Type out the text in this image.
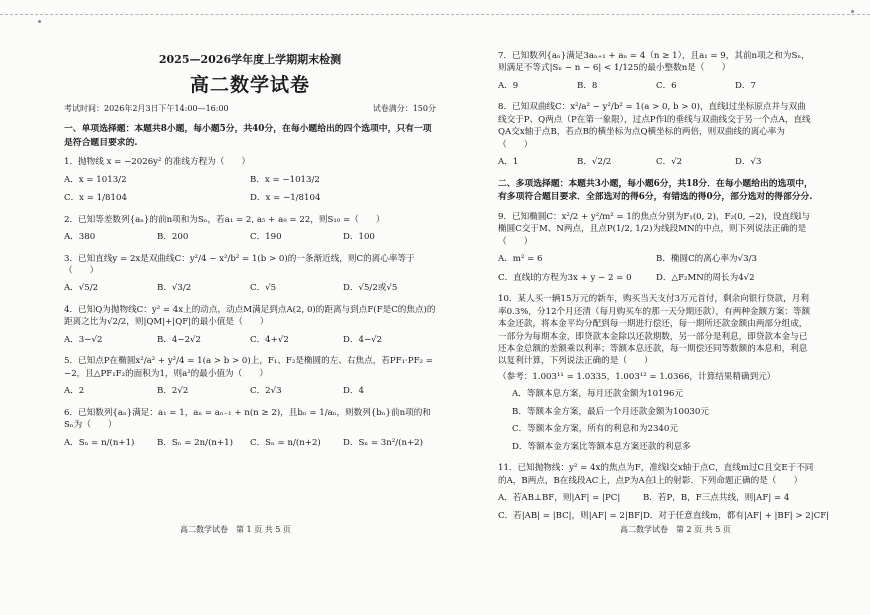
2025—2026学年度上学期期末检测
高二数学试卷
考试时间：2026年2月3日下午14:00—16:00	试卷满分：150分
一、单项选择题：本题共8小题，每小题5分，共40分，在每小题给出的四个选项中，只有一项是符合题目要求的.

1．抛物线 x = −2026y² 的准线方程为（　　）

A．x = 1013/2	B．x = −1013/2
C．x = 1/8104	D．x = −1/8104

2．已知等差数列{aₙ}的前n项和为Sₙ，若a₁ = 2, a₅ + a₉ = 22，则S₁₀ =（　　）

A．380	B．200	C．190	D．100

3．已知直线y = 2x是双曲线C：y²/4 − x²/b² = 1(b > 0)的一条渐近线，则C的离心率等于（　　）

A．√5/2	B．√3/2	C．√5	D．√5/2或√5

4．已知Q为抛物线C：y² = 4x上的动点，动点M满足到点A(2, 0)的距离与到点F(F是C的焦点)的距离之比为√2/2，则|QM|+|QF|的最小值是（　　）

A．3−√2	B．4−2√2	C．4+√2	D．4−√2

5．已知点P在椭圆x²/a² + y²/4 = 1(a > b > 0)上，F₁、F₂是椭圆的左、右焦点，若PF₁·PF₂ = −2，且△PF₁F₂的面积为1，则a²的最小值为（　　）

A．2	B．2√2	C．2√3	D．4

6．已知数列{aₙ}满足：a₁ = 1，aₙ = aₙ₋₁ + n(n ≥ 2)，且bₙ = 1/aₙ，则数列{bₙ}前n项的和Sₙ为（　　）

A．Sₙ = n/(n+1)	B．Sₙ = 2n/(n+1)	C．Sₙ = n/(n+2)	D．Sₙ = 3n²/(n+2)

7．已知数列{aₙ}满足3aₙ₊₁ + aₙ = 4（n ≥ 1），且a₁ = 9，其前n项之和为Sₙ，则满足不等式|Sₙ − n − 6| < 1/125的最小整数n是（　　）

A．9	B．8	C．6	D．7

8．已知双曲线C：x²/a² − y²/b² = 1(a > 0, b > 0)，直线l过坐标原点并与双曲线交于P、Q两点（P在第一象限），过点P作l的垂线与双曲线交于另一个点A，直线QA交x轴于点B，若点B的横坐标为点Q横坐标的两倍，则双曲线的离心率为（　　）

A．1	B．√2/2	C．√2	D．√3
二、多项选择题：本题共3小题，每小题6分，共18分．在每小题给出的选项中，有多项符合题目要求．全部选对的得6分，有错选的得0分，部分选对的得部分分.

9．已知椭圆C：x²/2 + y²/m² = 1的焦点分别为F₁(0, 2)，F₂(0, −2)，设直线l与椭圆C交于M、N两点，且点P(1/2, 1/2)为线段MN的中点，则下列说法正确的是（　　）

A．m² = 6	B．椭圆C的离心率为√3/3
C．直线l的方程为3x + y − 2 = 0	D．△F₂MN的周长为4√2

10．某人买一辆15万元的新车，购买当天支付3万元首付，剩余向银行贷款，月利率0.3%，分12个月还清（每月购买车的那一天分期还款），有两种金额方案：等额本金还款，将本金平均分配到每一期进行偿还，每一期所还款金额由两部分组成，一部分为每期本金，即贷款本金除以还款期数，另一部分是利息，即贷款本金与已还本金总额的差额乘以利率；等额本息还款，每一期偿还同等数额的本息和，利息以复利计算，下列说法正确的是（　　）

（参考：1.003¹¹ = 1.0335，1.003¹² = 1.0366，计算结果精确到元）

A．等额本息方案，每月还款金额为10196元
B．等额本金方案，最后一个月还款金额为10030元
C．等额本金方案，所有的利息和为2340元
D．等额本金方案比等额本息方案还款的利息多

11．已知抛物线：y² = 4x的焦点为F，准线l交x轴于点C，直线m过C且交E于不同的A，B两点，B在线段AC上，点P为A在l上的射影．下列命题正确的是（　　）

A．若AB⊥BF，则|AF| = |PC|	B．若P，B，F三点共线，则|AF| = 4
C．若|AB| = |BC|，则|AF| = 2|BF| D．对于任意直线m，都有|AF| + |BF| > 2|CF|
高二数学试卷　第 1 页 共 5 页	高二数学试卷　第 2 页 共 5 页
